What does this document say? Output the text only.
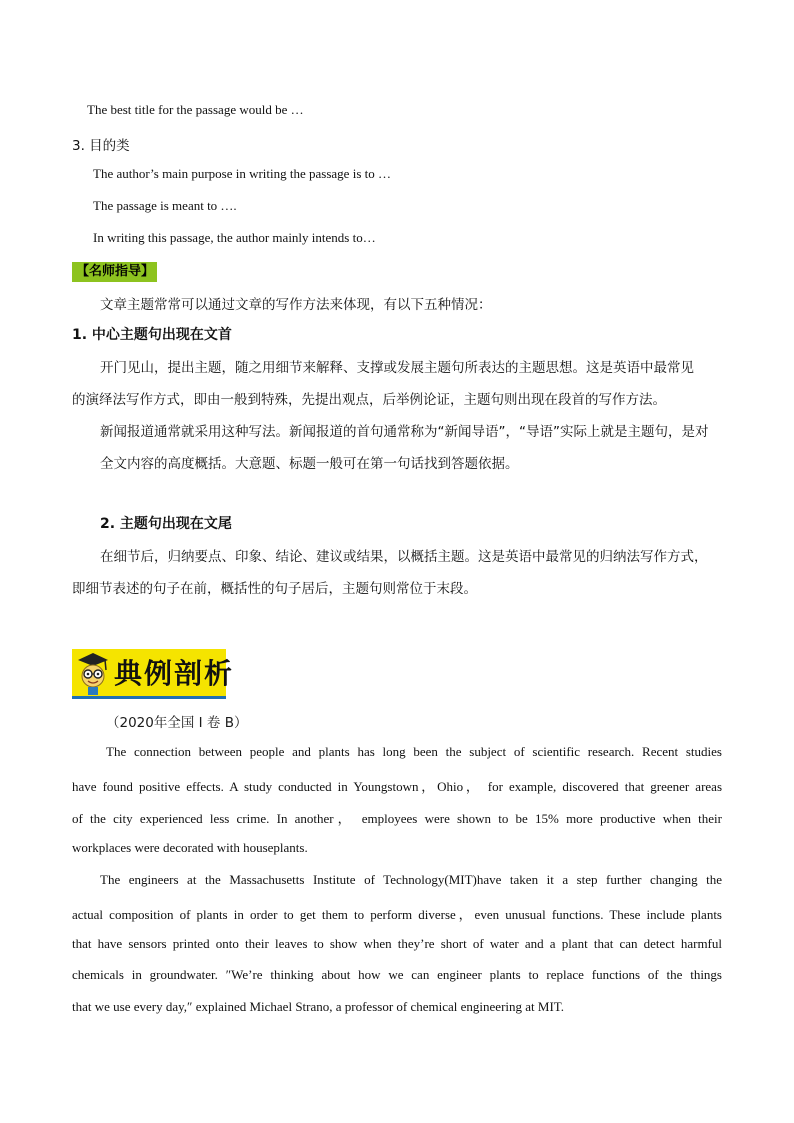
The best title for the passage would be …
3. 目的类
The author’s main purpose in writing the passage is to …
The passage is meant to ….
In writing this passage, the author mainly intends to…
【名师指导】
文章主题常常可以通过文章的写作方法来体现，有以下五种情况：
1. 中心主题句出现在文首
开门见山，提出主题，随之用细节来解释、支撑或发展主题句所表达的主题思想。这是英语中最常见
的演绎法写作方式，即由一般到特殊，先提出观点，后举例论证，主题句则出现在段首的写作方法。
新闻报道通常就采用这种写法。新闻报道的首句通常称为“新闻导语”，“导语”实际上就是主题句，是对
全文内容的高度概括。大意题、标题一般可在第一句话找到答题依据。
2. 主题句出现在文尾
在细节后，归纳要点、印象、结论、建议或结果，以概括主题。这是英语中最常见的归纳法写作方式，
即细节表述的句子在前，概括性的句子居后，主题句则常位于末段。
典例剖析
（2020年全国 I 卷 B）
The connection between people and plants has long been the subject of scientific research. Recent studies
have found positive effects. A study conducted in Youngstown，Ohio， for example, discovered that greener areas
of the city experienced less crime. In another， employees were shown to be 15% more productive when their
workplaces were decorated with houseplants.
The engineers at the Massachusetts Institute of Technology(MIT)have taken it a step further changing the
actual composition of plants in order to get them to perform diverse，even unusual functions. These include plants
that have sensors printed onto their leaves to show when they’re short of water and a plant that can detect harmful
chemicals in groundwater. ″We’re thinking about how we can engineer plants to replace functions of the things
that we use every day,″ explained Michael Strano, a professor of chemical engineering at MIT.
